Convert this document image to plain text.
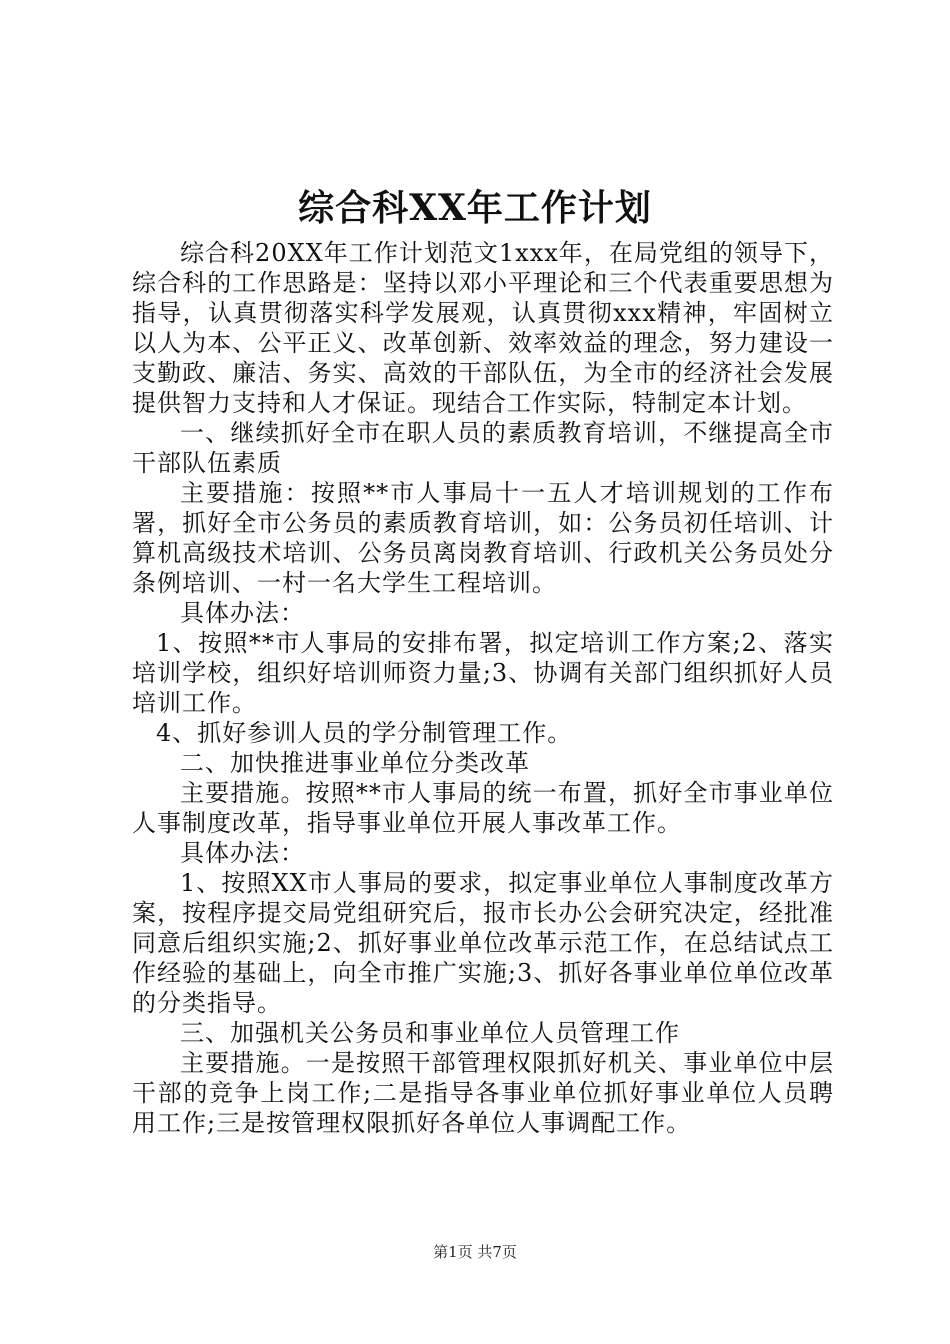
综合科XX年工作计划

综合科20XX年工作计划范文1xxx年，在局党组的领导下，综合科的工作思路是：坚持以邓小平理论和三个代表重要思想为指导，认真贯彻落实科学发展观，认真贯彻xxx精神，牢固树立以人为本、公平正义、改革创新、效率效益的理念，努力建设一支勤政、廉洁、务实、高效的干部队伍，为全市的经济社会发展提供智力支持和人才保证。现结合工作实际，特制定本计划。

一、继续抓好全市在职人员的素质教育培训，不继提高全市干部队伍素质

主要措施：按照**市人事局十一五人才培训规划的工作布署，抓好全市公务员的素质教育培训，如：公务员初任培训、计算机高级技术培训、公务员离岗教育培训、行政机关公务员处分条例培训、一村一名大学生工程培训。

具体办法：

1、按照**市人事局的安排布署，拟定培训工作方案;2、落实培训学校，组织好培训师资力量;3、协调有关部门组织抓好人员培训工作。

4、抓好参训人员的学分制管理工作。

二、加快推进事业单位分类改革

主要措施。按照**市人事局的统一布置，抓好全市事业单位人事制度改革，指导事业单位开展人事改革工作。

具体办法：

1、按照XX市人事局的要求，拟定事业单位人事制度改革方案，按程序提交局党组研究后，报市长办公会研究决定，经批准同意后组织实施;2、抓好事业单位改革示范工作，在总结试点工作经验的基础上，向全市推广实施;3、抓好各事业单位单位改革的分类指导。

三、加强机关公务员和事业单位人员管理工作

主要措施。一是按照干部管理权限抓好机关、事业单位中层干部的竞争上岗工作;二是指导各事业单位抓好事业单位人员聘用工作;三是按管理权限抓好各单位人事调配工作。

第1页 共7页
